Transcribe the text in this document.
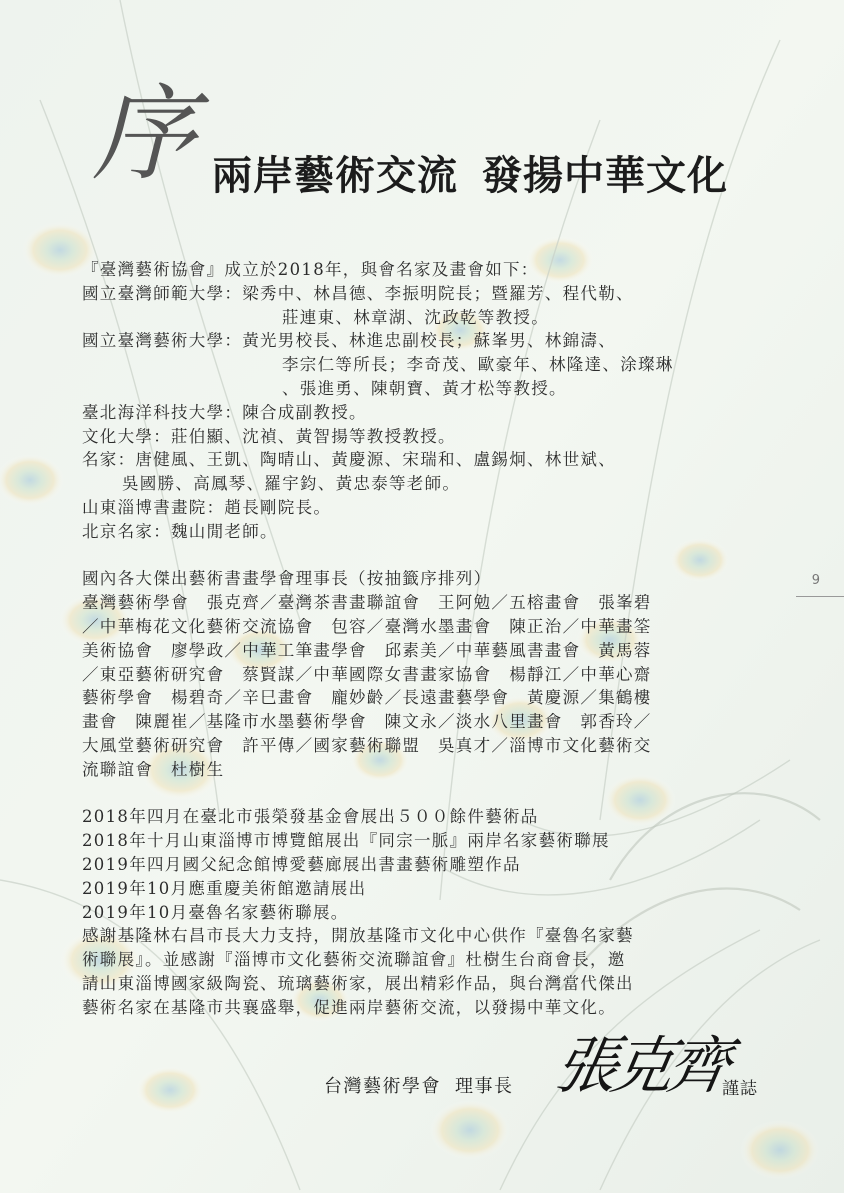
序 兩岸藝術交流 發揚中華文化
『臺灣藝術協會』成立於2018年，與會名家及畫會如下：
國立臺灣師範大學：梁秀中、林昌德、李振明院長；暨羅芳、程代勒、
莊連東、林章湖、沈政乾等教授。
國立臺灣藝術大學：黃光男校長、林進忠副校長；蘇峯男、林錦濤、
李宗仁等所長；李奇茂、歐豪年、林隆達、涂璨琳
、張進勇、陳朝寶、黃才松等教授。
臺北海洋科技大學：陳合成副教授。
文化大學：莊伯顯、沈禎、黃智揚等教授教授。
名家：唐健風、王凱、陶晴山、黃慶源、宋瑞和、盧錫炯、林世斌、
吳國勝、高鳳琴、羅宇鈞、黃忠泰等老師。
山東淄博書畫院：趙長剛院長。
北京名家：魏山閒老師。
國內各大傑出藝術書畫學會理事長（按抽籤序排列）
臺灣藝術學會　張克齊／臺灣茶書畫聯誼會　王阿勉／五榕畫會　張峯碧
／中華梅花文化藝術交流協會　包容／臺灣水墨畫會　陳正治／中華畫筌
美術協會　廖學政／中華工筆畫學會　邱素美／中華藝風書畫會　黃馬蓉
／東亞藝術研究會　蔡賢謀／中華國際女書畫家協會　楊靜江／中華心齋
藝術學會　楊碧奇／辛巳畫會　龐妙齡／長遠畫藝學會　黃慶源／集鶴樓
畫會　陳麗崔／基隆市水墨藝術學會　陳文永／淡水八里畫會　郭香玲／
大風堂藝術研究會　許平傳／國家藝術聯盟　吳真才／淄博市文化藝術交
流聯誼會　杜樹生
2018年四月在臺北市張榮發基金會展出５００餘件藝術品
2018年十月山東淄博市博覽館展出『同宗一脈』兩岸名家藝術聯展
2019年四月國父紀念館博愛藝廊展出書畫藝術雕塑作品
2019年10月應重慶美術館邀請展出
2019年10月臺魯名家藝術聯展。
感謝基隆林右昌市長大力支持，開放基隆市文化中心供作『臺魯名家藝
術聯展』。並感謝『淄博市文化藝術交流聯誼會』杜樹生台商會長，邀
請山東淄博國家級陶瓷、琉璃藝術家，展出精彩作品，與台灣當代傑出
藝術名家在基隆市共襄盛舉，促進兩岸藝術交流，以發揚中華文化。
9
台灣藝術學會 理事長 張克齊
謹誌
